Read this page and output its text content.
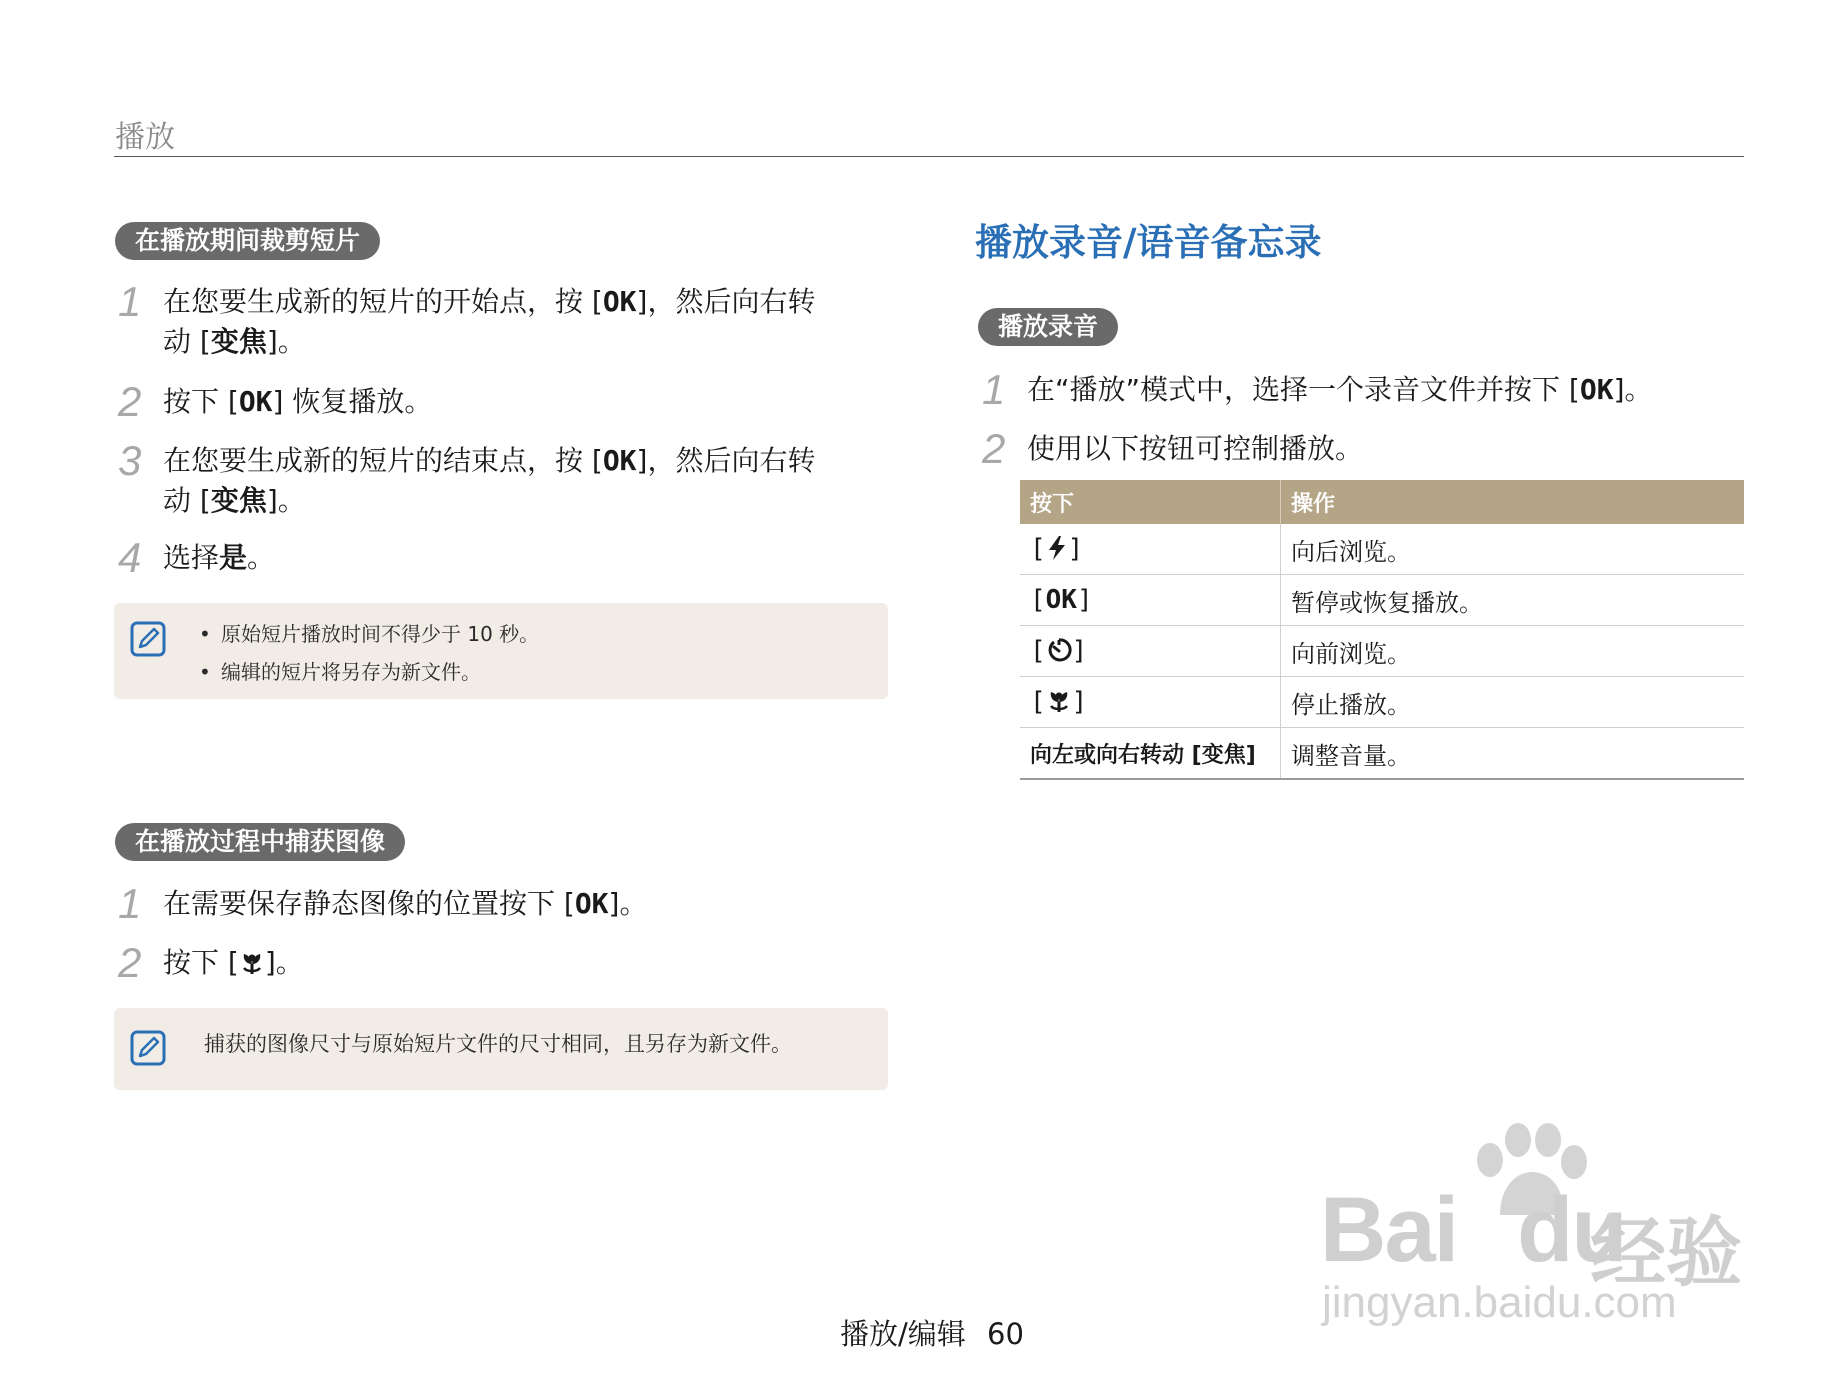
播放
在播放期间裁剪短片
1 在您要生成新的短片的开始点，按 [OK]，然后向右转
动 [变焦]。
2 按下 [OK] 恢复播放。
3 在您要生成新的短片的结束点，按 [OK]，然后向右转
动 [变焦]。
4 选择是。
• 原始短片播放时间不得少于 10 秒。
• 编辑的短片将另存为新文件。
在播放过程中捕获图像
1 在需要保存静态图像的位置按下 [OK]。
2 按下 [ ]。
捕获的图像尺寸与原始短片文件的尺寸相同，且另存为新文件。
播放录音/语音备忘录
播放录音
1 在“播放”模式中，选择一个录音文件并按下 [OK]。
2 使用以下按钮可控制播放。
按下	操作
[ ]	向后浏览。
[OK]	暂停或恢复播放。
[ ]	向前浏览。
[ ]	停止播放。
向左或向右转动 [变焦]	调整音量。
Bai du
经验
jingyan.baidu.com
播放/编辑 60
